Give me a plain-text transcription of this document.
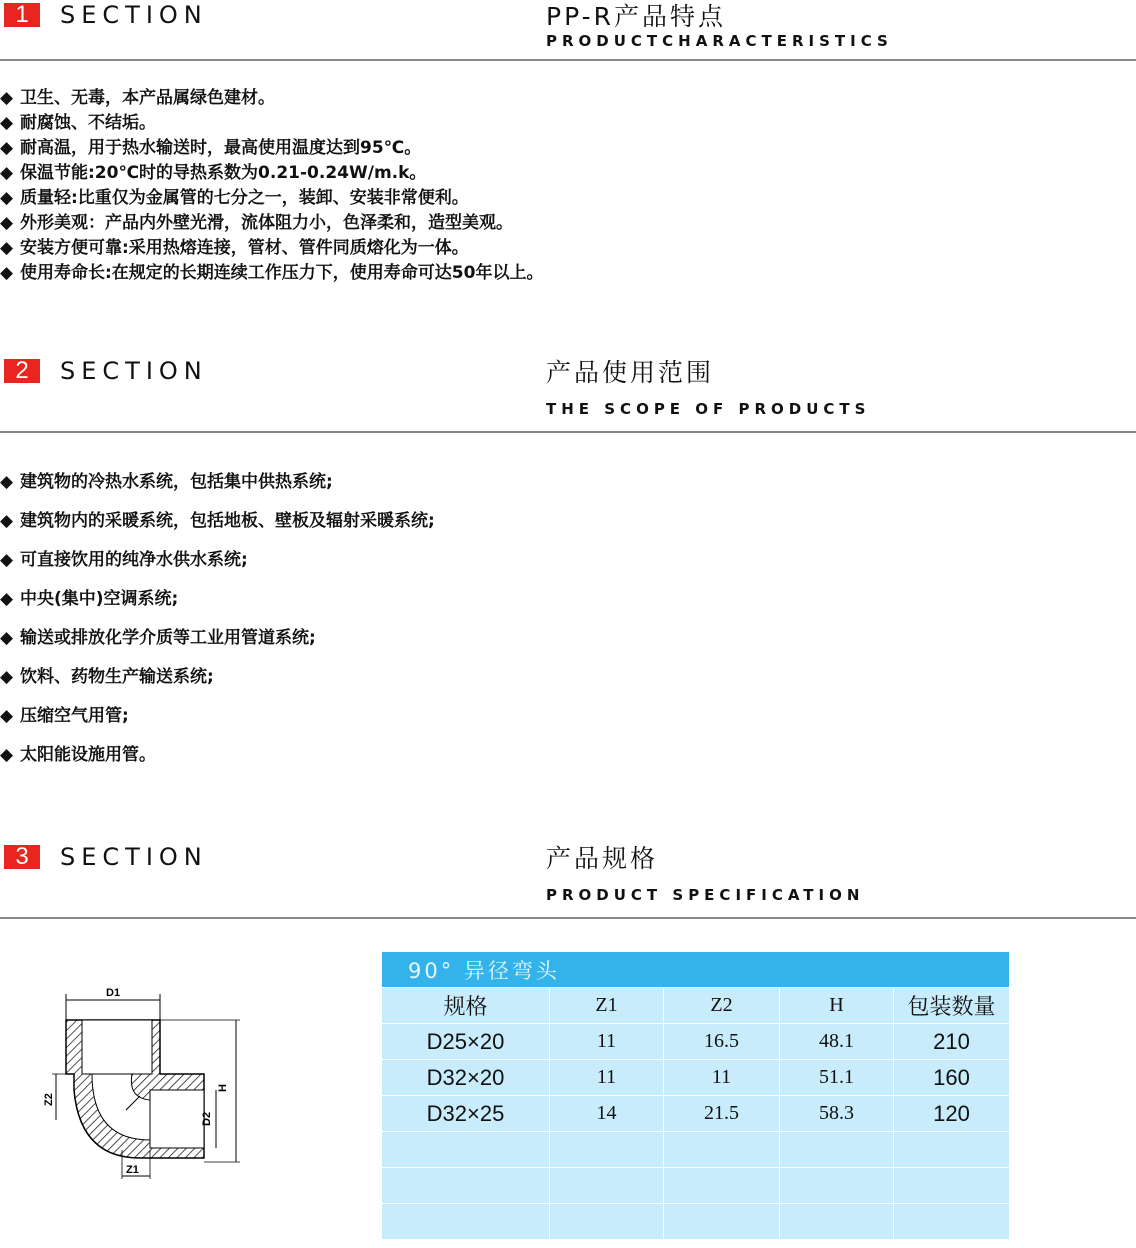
1	SECTION	PP-R产品特点
PRODUCTCHARACTERISTICS
◆ 卫生、无毒，本产品属绿色建材。
◆ 耐腐蚀、不结垢。
◆ 耐高温，用于热水输送时，最高使用温度达到95℃。
◆ 保温节能:20℃时的导热系数为0.21-0.24W/m.k。
◆ 质量轻:比重仅为金属管的七分之一，装卸、安装非常便利。
◆ 外形美观：产品内外壁光滑，流体阻力小，色泽柔和，造型美观。
◆ 安装方便可靠:采用热熔连接，管材、管件同质熔化为一体。
◆ 使用寿命长:在规定的长期连续工作压力下，使用寿命可达50年以上。
2	SECTION	产品使用范围
THE SCOPE OF PRODUCTS
◆ 建筑物的冷热水系统，包括集中供热系统;
◆ 建筑物内的采暖系统，包括地板、壁板及辐射采暖系统;
◆ 可直接饮用的纯净水供水系统;
◆ 中央(集中)空调系统;
◆ 输送或排放化学介质等工业用管道系统;
◆ 饮料、药物生产输送系统;
◆ 压缩空气用管;
◆ 太阳能设施用管。
3	SECTION	产品规格
PRODUCT SPECIFICATION
D1
H
D2
Z2
Z1
90° 异径弯头				
规格	Z1	Z2	H	包装数量
D25×20	11	16.5	48.1	210
D32×20	11	11	51.1	160
D32×25	14	21.5	58.3	120
